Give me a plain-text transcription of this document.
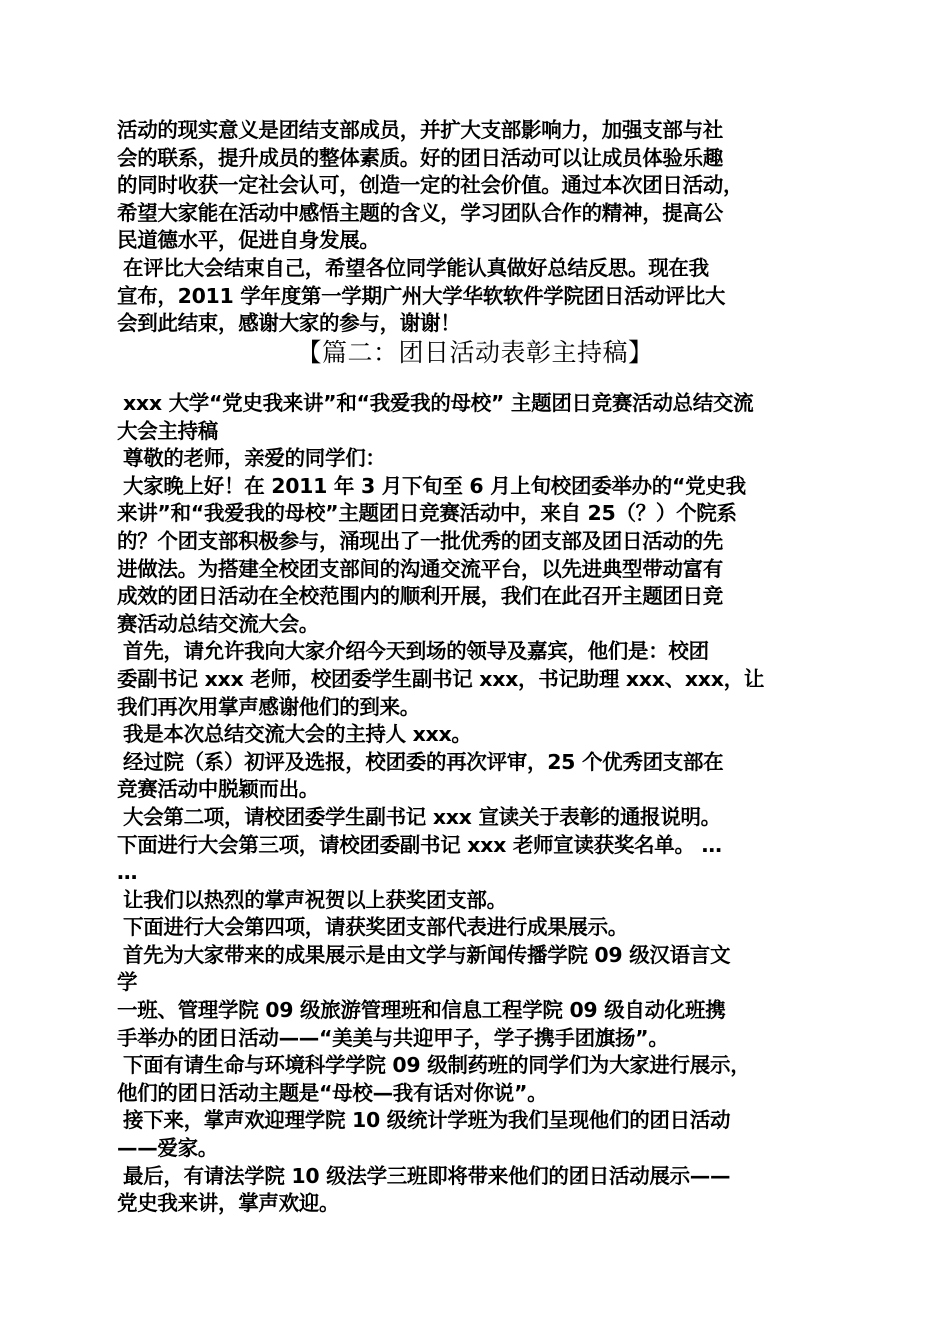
活动的现实意义是团结支部成员，并扩大支部影响力，加强支部与社
会的联系，提升成员的整体素质。好的团日活动可以让成员体验乐趣
的同时收获一定社会认可，创造一定的社会价值。通过本次团日活动，
希望大家能在活动中感悟主题的含义，学习团队合作的精神，提高公
民道德水平，促进自身发展。
在评比大会结束自己，希望各位同学能认真做好总结反思。现在我
宣布，2011 学年度第一学期广州大学华软软件学院团日活动评比大
会到此结束，感谢大家的参与，谢谢！
【篇二：团日活动表彰主持稿】
xxx 大学“党史我来讲”和“我爱我的母校” 主题团日竞赛活动总结交流
大会主持稿
尊敬的老师，亲爱的同学们：
大家晚上好！在 2011 年 3 月下旬至 6 月上旬校团委举办的“党史我
来讲”和“我爱我的母校”主题团日竞赛活动中，来自 25（？）个院系
的？个团支部积极参与，涌现出了一批优秀的团支部及团日活动的先
进做法。为搭建全校团支部间的沟通交流平台，以先进典型带动富有
成效的团日活动在全校范围内的顺利开展，我们在此召开主题团日竞
赛活动总结交流大会。
首先，请允许我向大家介绍今天到场的领导及嘉宾，他们是：校团
委副书记 xxx 老师，校团委学生副书记 xxx，书记助理 xxx、xxx，让
我们再次用掌声感谢他们的到来。
我是本次总结交流大会的主持人 xxx。
经过院（系）初评及选报，校团委的再次评审，25 个优秀团支部在
竞赛活动中脱颖而出。
大会第二项，请校团委学生副书记 xxx 宣读关于表彰的通报说明。
下面进行大会第三项，请校团委副书记 xxx 老师宣读获奖名单。 …
…
让我们以热烈的掌声祝贺以上获奖团支部。
下面进行大会第四项，请获奖团支部代表进行成果展示。
首先为大家带来的成果展示是由文学与新闻传播学院 09 级汉语言文
学
一班、管理学院 09 级旅游管理班和信息工程学院 09 级自动化班携
手举办的团日活动——“美美与共迎甲子，学子携手团旗扬”。
下面有请生命与环境科学学院 09 级制药班的同学们为大家进行展示，
他们的团日活动主题是“母校—我有话对你说”。
接下来，掌声欢迎理学院 10 级统计学班为我们呈现他们的团日活动
——爱家。
最后，有请法学院 10 级法学三班即将带来他们的团日活动展示——
党史我来讲，掌声欢迎。
